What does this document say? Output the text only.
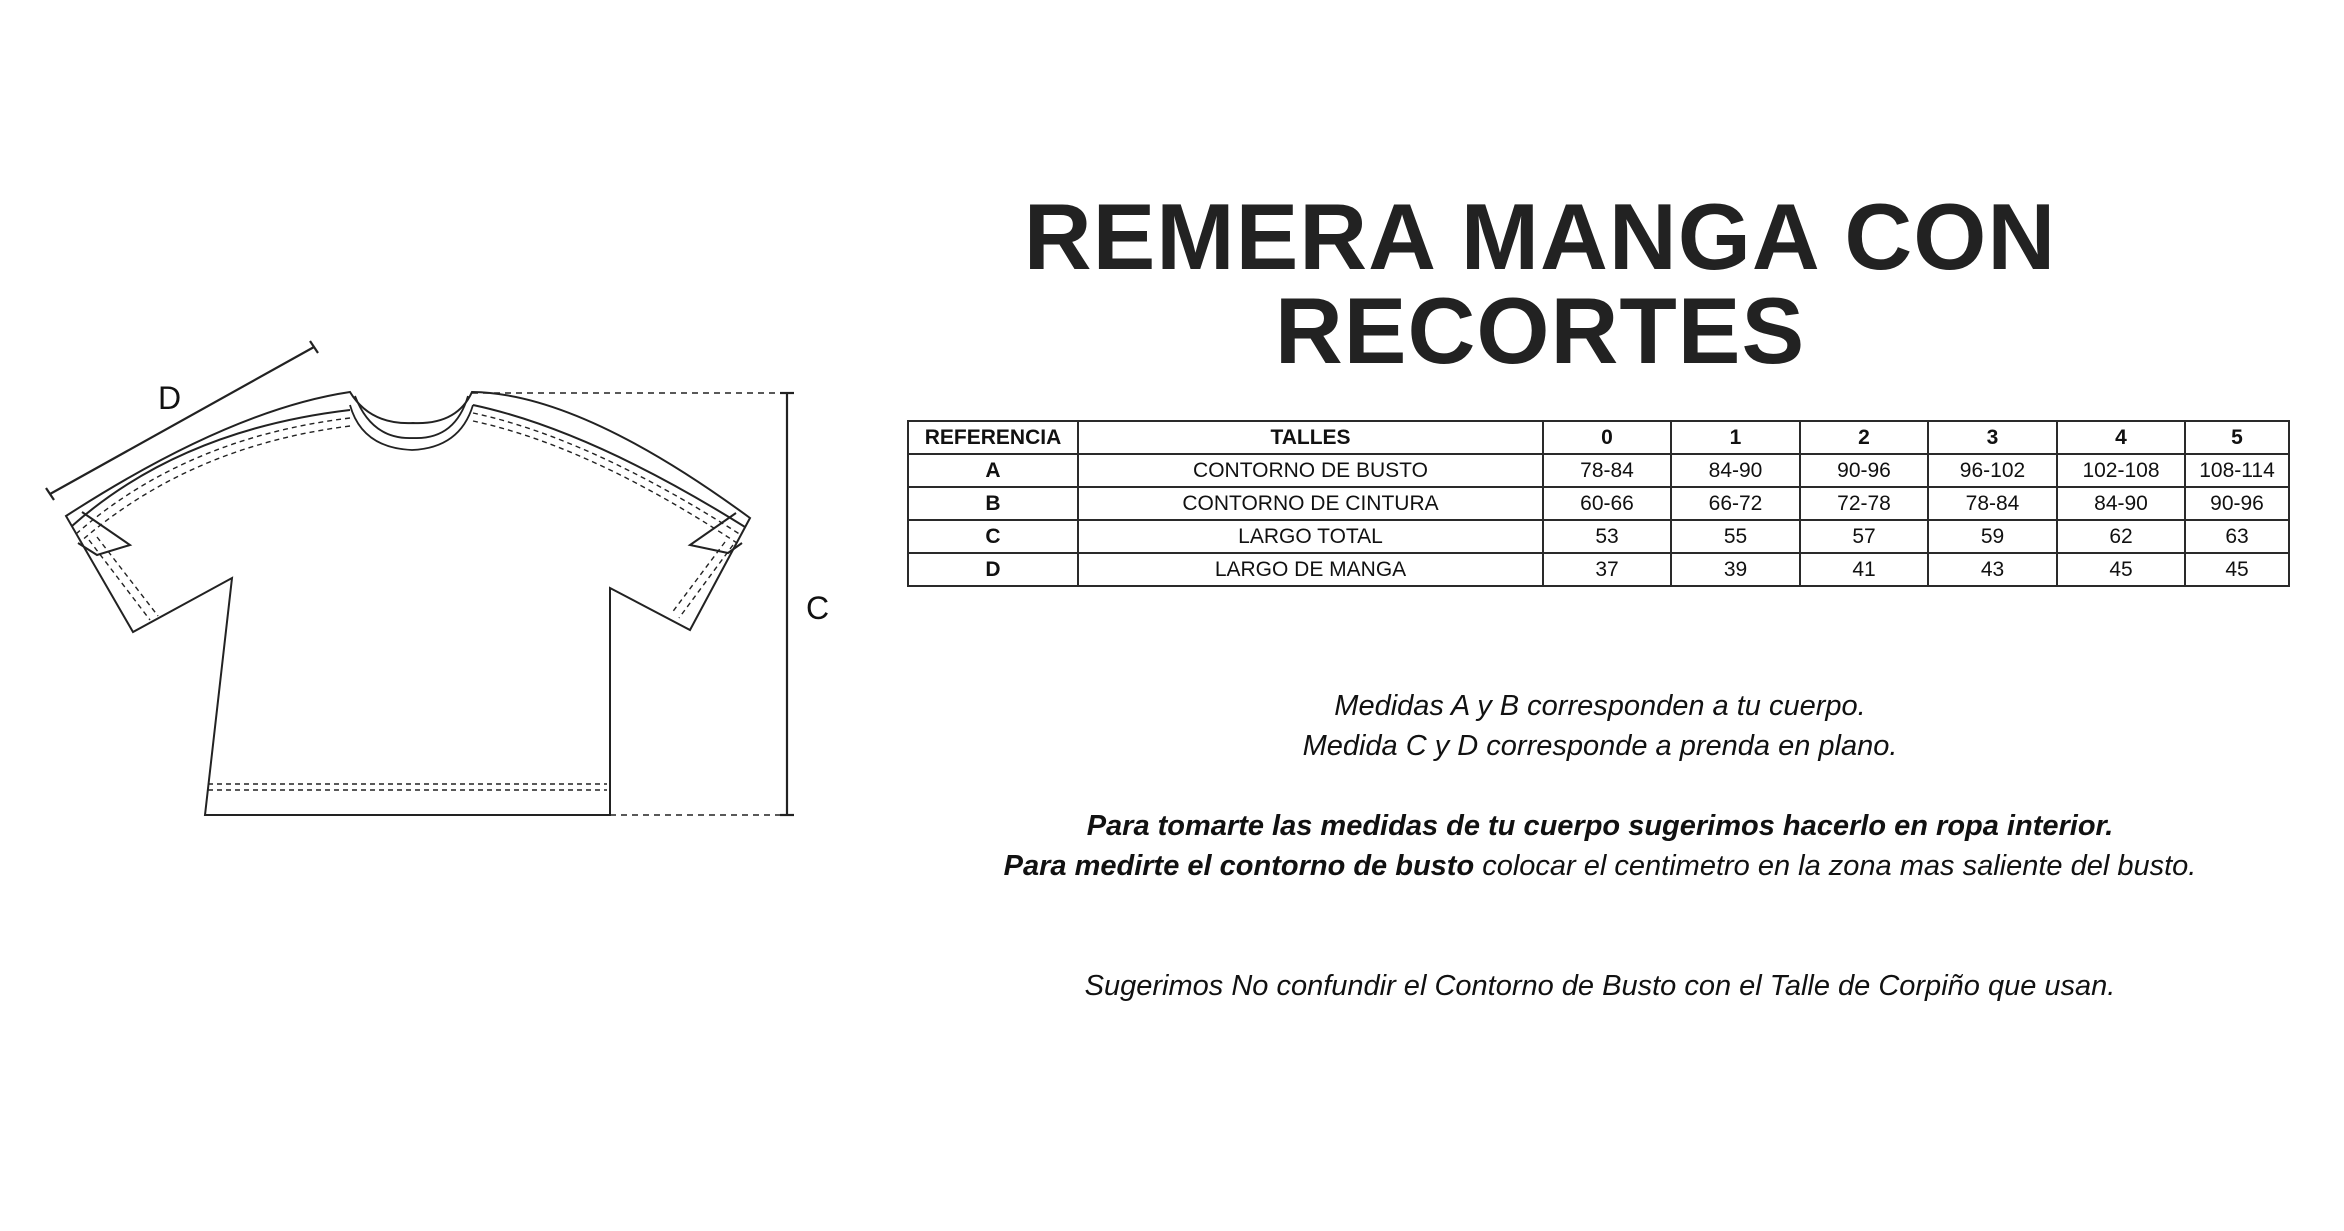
REMERA MANGA CON RECORTES
D
C
REFERENCIA	TALLES	0	1	2	3	4	5
A	CONTORNO DE BUSTO	78-84	84-90	90-96	96-102	102-108	108-114
B	CONTORNO DE CINTURA	60-66	66-72	72-78	78-84	84-90	90-96
C	LARGO TOTAL	53	55	57	59	62	63
D	LARGO DE MANGA	37	39	41	43	45	45

Medidas A y B corresponden a tu cuerpo.

Medida C y D corresponde a prenda en plano.

Para tomarte las medidas de tu cuerpo sugerimos hacerlo en ropa interior.

Para medirte el contorno de busto colocar el centimetro en la zona mas saliente del busto.

Sugerimos No confundir el Contorno de Busto con el Talle de Corpiño que usan.
